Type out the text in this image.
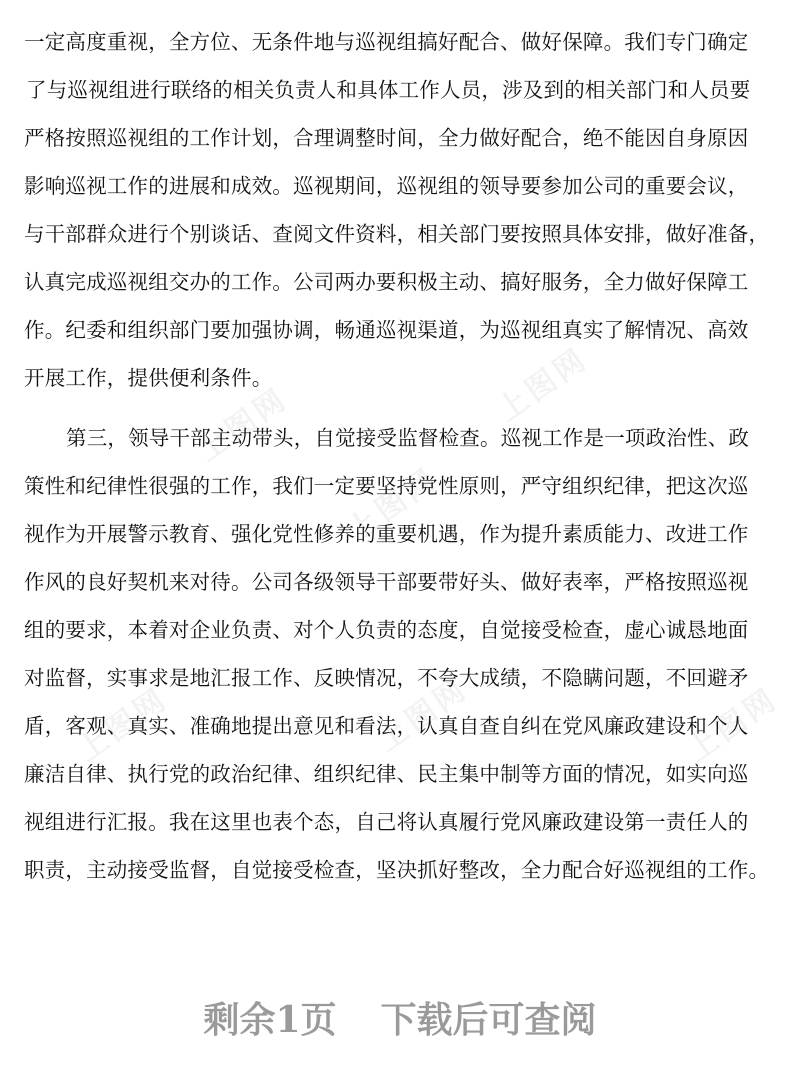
上图网
上图网
上图网
上图网	上图网	上图网
一定高度重视，全方位、无条件地与巡视组搞好配合、做好保障。我们专门确定
了与巡视组进行联络的相关负责人和具体工作人员，涉及到的相关部门和人员要
严格按照巡视组的工作计划，合理调整时间，全力做好配合，绝不能因自身原因
影响巡视工作的进展和成效。巡视期间，巡视组的领导要参加公司的重要会议，
与干部群众进行个别谈话、查阅文件资料，相关部门要按照具体安排，做好准备，
认真完成巡视组交办的工作。公司两办要积极主动、搞好服务，全力做好保障工
作。纪委和组织部门要加强协调，畅通巡视渠道，为巡视组真实了解情况、高效
开展工作，提供便利条件。
第三，领导干部主动带头，自觉接受监督检查。巡视工作是一项政治性、政
策性和纪律性很强的工作，我们一定要坚持党性原则，严守组织纪律，把这次巡
视作为开展警示教育、强化党性修养的重要机遇，作为提升素质能力、改进工作
作风的良好契机来对待。公司各级领导干部要带好头、做好表率，严格按照巡视
组的要求，本着对企业负责、对个人负责的态度，自觉接受检查，虚心诚恳地面
对监督，实事求是地汇报工作、反映情况，不夸大成绩，不隐瞒问题，不回避矛
盾，客观、真实、准确地提出意见和看法，认真自查自纠在党风廉政建设和个人
廉洁自律、执行党的政治纪律、组织纪律、民主集中制等方面的情况，如实向巡
视组进行汇报。我在这里也表个态，自己将认真履行党风廉政建设第一责任人的
职责，主动接受监督，自觉接受检查，坚决抓好整改，全力配合好巡视组的工作。
剩余1页 下载后可查阅
